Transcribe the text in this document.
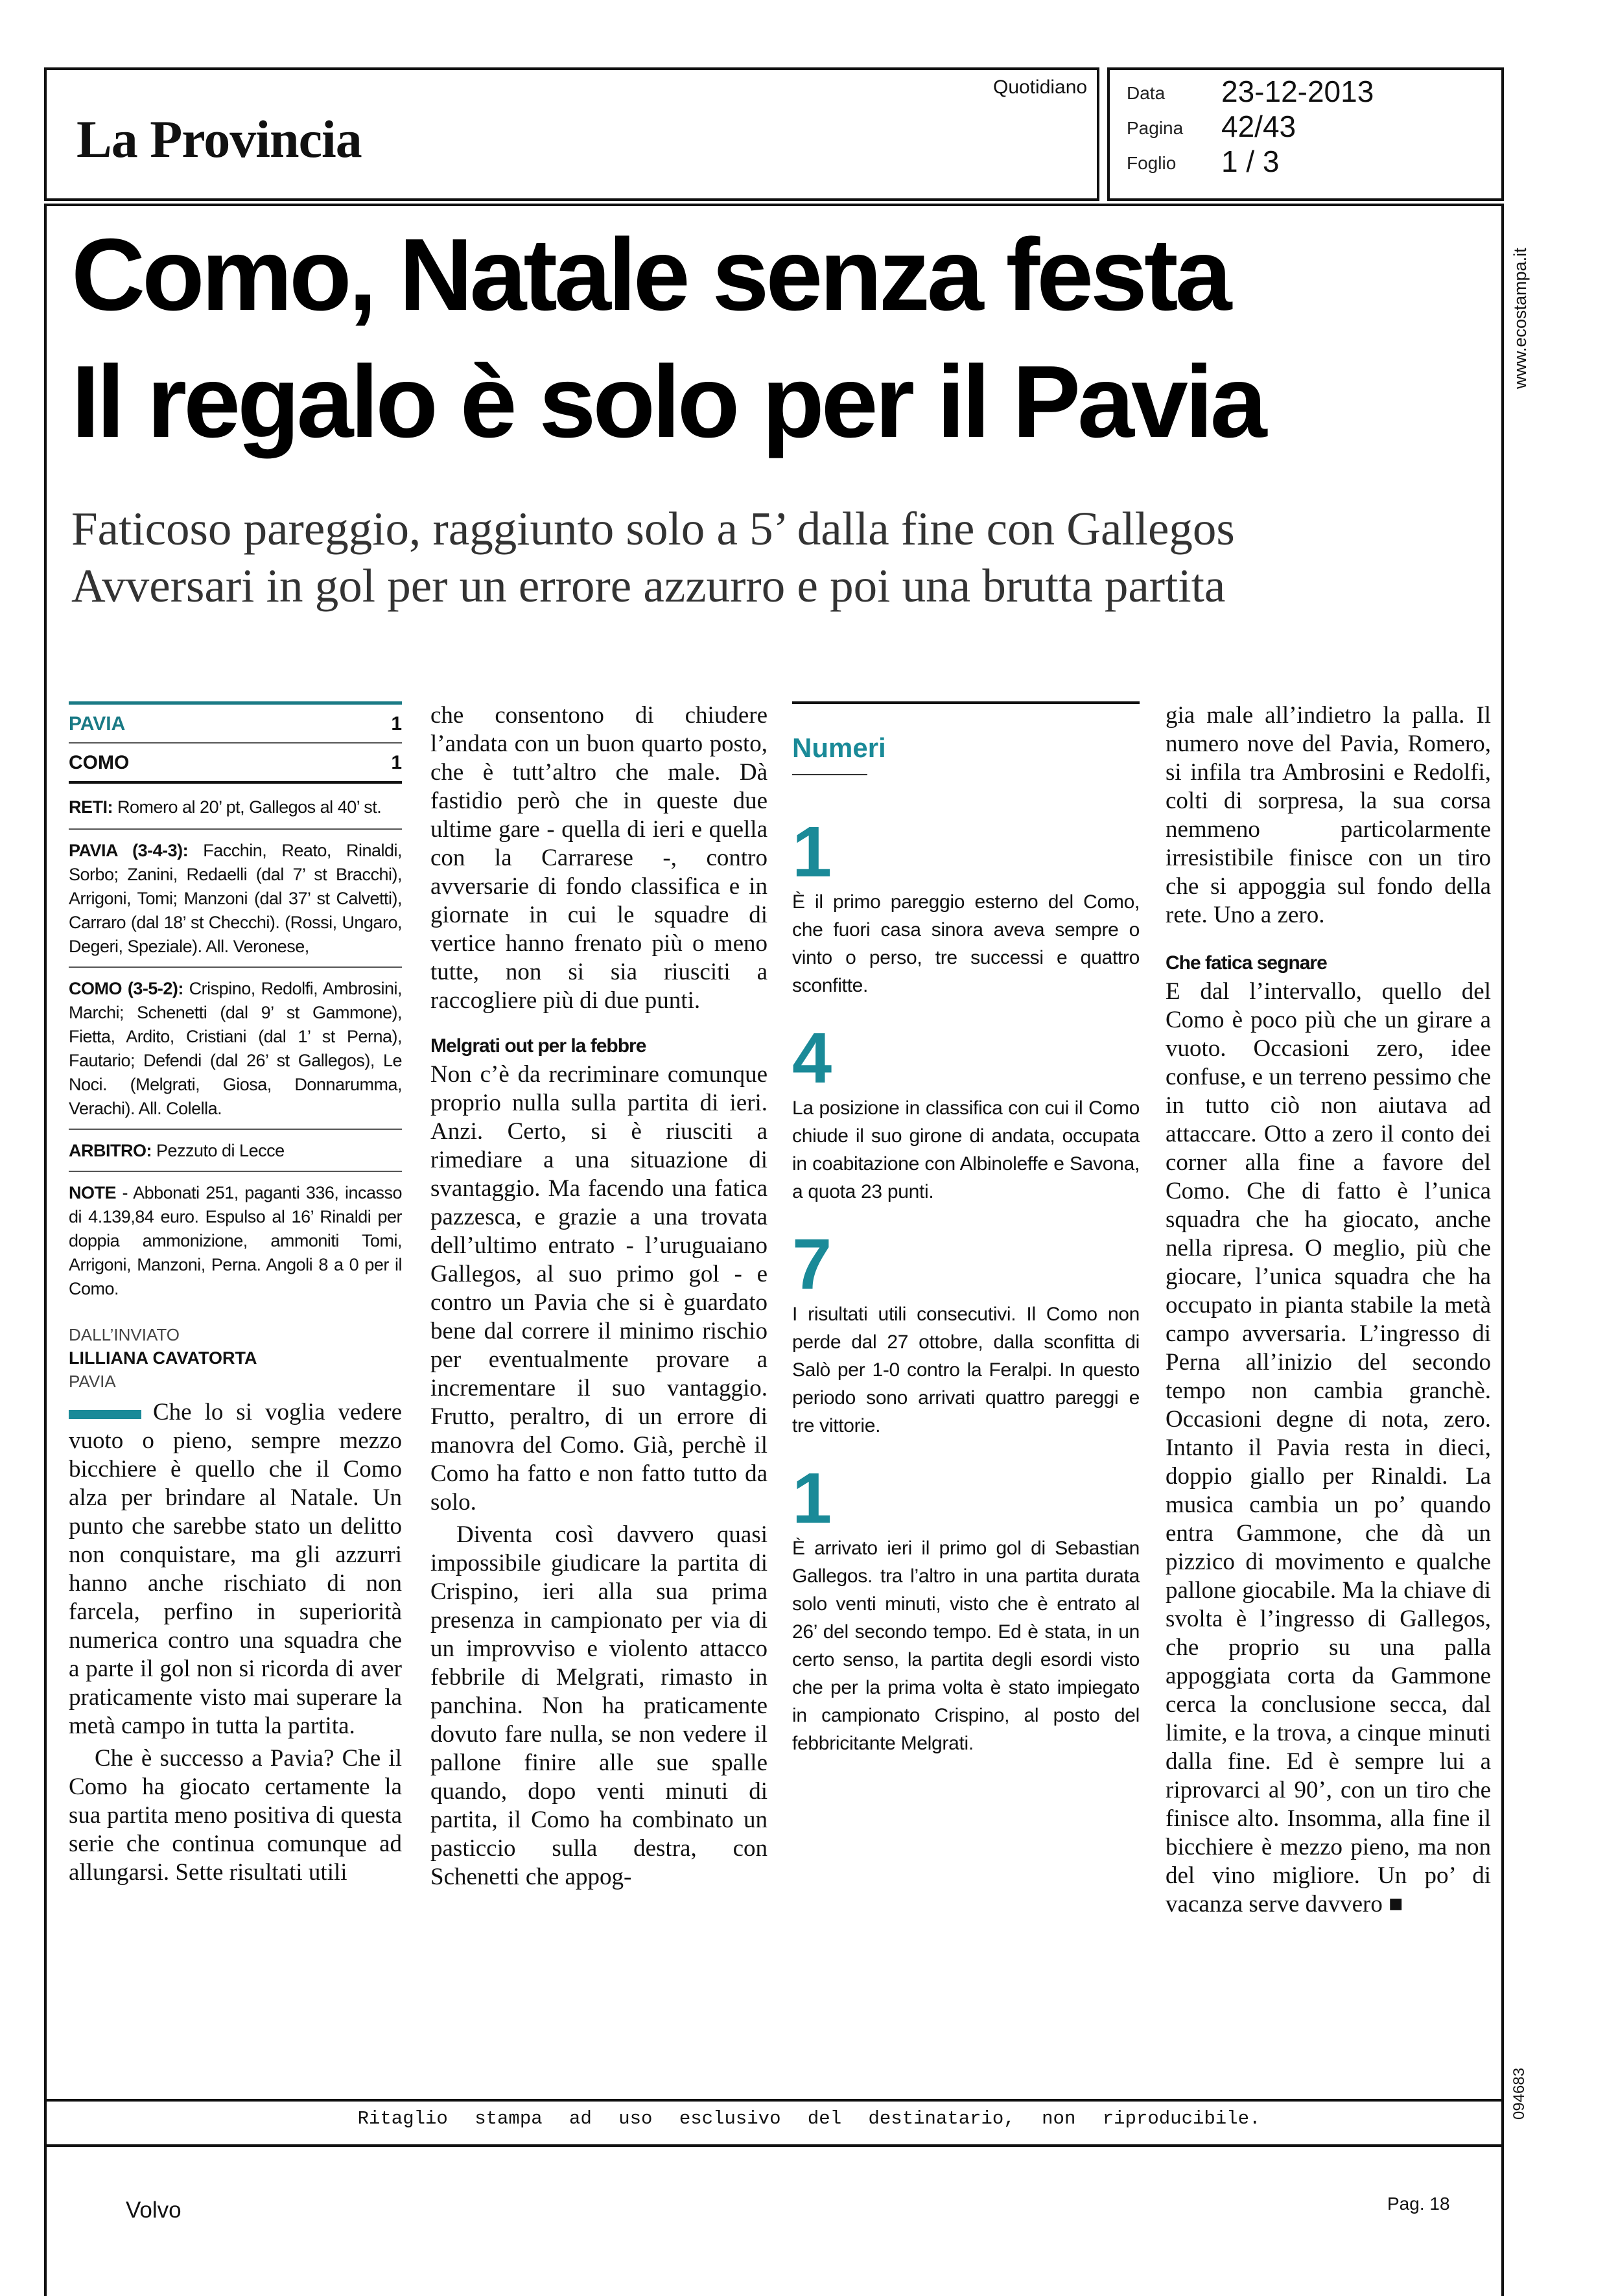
La Provincia
Quotidiano Data 23-12-2013
Pagina 42/43
Foglio 1 / 3
www.ecostampa.it
094683
Como, Natale senza festa
Il regalo è solo per il Pavia
Faticoso pareggio, raggiunto solo a 5’ dalla fine con Gallegos
Avversari in gol per un errore azzurro e poi una brutta partita
PAVIA	1
COMO	1
RETI: Romero al 20’ pt, Gallegos al 40’ st.
PAVIA (3-4-3): Facchin, Reato, Rinaldi, Sorbo; Zanini, Redaelli (dal 7’ st Bracchi), Arrigoni, Tomi; Manzoni (dal 37’ st Calvetti), Carraro (dal 18’ st Checchi). (Rossi, Ungaro, Degeri, Speziale). All. Veronese,
COMO (3-5-2): Crispino, Redolfi, Ambrosini, Marchi; Schenetti (dal 9’ st Gammone), Fietta, Ardito, Cristiani (dal 1’ st Perna), Fautario; Defendi (dal 26’ st Gallegos), Le Noci. (Melgrati, Giosa, Donnarumma, Verachi). All. Colella.
ARBITRO: Pezzuto di Lecce
NOTE - Abbonati 251, paganti 336, incasso di 4.139,84 euro. Espulso al 16’ Rinaldi per doppia ammonizione, ammoniti Tomi, Arrigoni, Manzoni, Perna. Angoli 8 a 0 per il Como.
DALL’INVIATO
LILLIANA CAVATORTA
PAVIA

Che lo si voglia vedere vuoto o pieno, sempre mezzo bicchiere è quello che il Como alza per brindare al Natale. Un punto che sarebbe stato un delitto non conquistare, ma gli azzurri hanno anche rischiato di non farcela, perfino in superiorità numerica contro una squadra che a parte il gol non si ricorda di aver praticamente visto mai superare la metà campo in tutta la partita.

Che è successo a Pavia? Che il Como ha giocato certamente la sua partita meno positiva di questa serie che continua comunque ad allungarsi. Sette risultati utili

che consentono di chiudere l’andata con un buon quarto posto, che è tutt’altro che male. Dà fastidio però che in queste due ultime gare - quella di ieri e quella con la Carrarese -, contro avversarie di fondo classifica e in giornate in cui le squadre di vertice hanno frenato più o meno tutte, non si sia riusciti a raccogliere più di due punti.

Melgrati out per la febbre

Non c’è da recriminare comunque proprio nulla sulla partita di ieri. Anzi. Certo, si è riusciti a rimediare a una situazione di svantaggio. Ma facendo una fatica pazzesca, e grazie a una trovata dell’ultimo entrato - l’uruguaiano Gallegos, al suo primo gol - e contro un Pavia che si è guardato bene dal correre il minimo rischio per eventualmente provare a incrementare il suo vantaggio. Frutto, peraltro, di un errore di manovra del Como. Già, perchè il Como ha fatto e non fatto tutto da solo.

Diventa così davvero quasi impossibile giudicare la partita di Crispino, ieri alla sua prima presenza in campionato per via di un improvviso e violento attacco febbrile di Melgrati, rimasto in panchina. Non ha praticamente dovuto fare nulla, se non vedere il pallone finire alle sue spalle quando, dopo venti minuti di partita, il Como ha combinato un pasticcio sulla destra, con Schenetti che appog-

Numeri

1

È il primo pareggio esterno del Como, che fuori casa sinora aveva sempre o vinto o perso, tre successi e quattro sconfitte.

4

La posizione in classifica con cui il Como chiude il suo girone di andata, occupata in coabitazione con Albinoleffe e Savona, a quota 23 punti.

7

I risultati utili consecutivi. Il Como non perde dal 27 ottobre, dalla sconfitta di Salò per 1-0 contro la Feralpi. In questo periodo sono arrivati quattro pareggi e tre vittorie.

1

È arrivato ieri il primo gol di Sebastian Gallegos. tra l’altro in una partita durata solo venti minuti, visto che è entrato al 26’ del secondo tempo. Ed è stata, in un certo senso, la partita degli esordi visto che per la prima volta è stato impiegato in campionato Crispino, al posto del febbricitante Melgrati.

gia male all’indietro la palla. Il numero nove del Pavia, Romero, si infila tra Ambrosini e Redolfi, colti di sorpresa, la sua corsa nemmeno particolarmente irresistibile finisce con un tiro che si appoggia sul fondo della rete. Uno a zero.

Che fatica segnare

E dal l’intervallo, quello del Como è poco più che un girare a vuoto. Occasioni zero, idee confuse, e un terreno pessimo che in tutto ciò non aiutava ad attaccare. Otto a zero il conto dei corner alla fine a favore del Como. Che di fatto è l’unica squadra che ha giocato, anche nella ripresa. O meglio, più che giocare, l’unica squadra che ha occupato in pianta stabile la metà campo avversaria. L’ingresso di Perna all’inizio del secondo tempo non cambia granchè. Occasioni degne di nota, zero. Intanto il Pavia resta in dieci, doppio giallo per Rinaldi. La musica cambia un po’ quando entra Gammone, che dà un pizzico di movimento e qualche pallone giocabile. Ma la chiave di svolta è l’ingresso di Gallegos, che proprio su una palla appoggiata corta da Gammone cerca la conclusione secca, dal limite, e la trova, a cinque minuti dalla fine. Ed è sempre lui a riprovarci al 90’, con un tiro che finisce alto. Insomma, alla fine il bicchiere è mezzo pieno, ma non del vino migliore. Un po’ di vacanza serve davvero ■

Ritaglio stampa ad uso esclusivo del destinatario, non riproducibile.
Volvo	Pag. 18
